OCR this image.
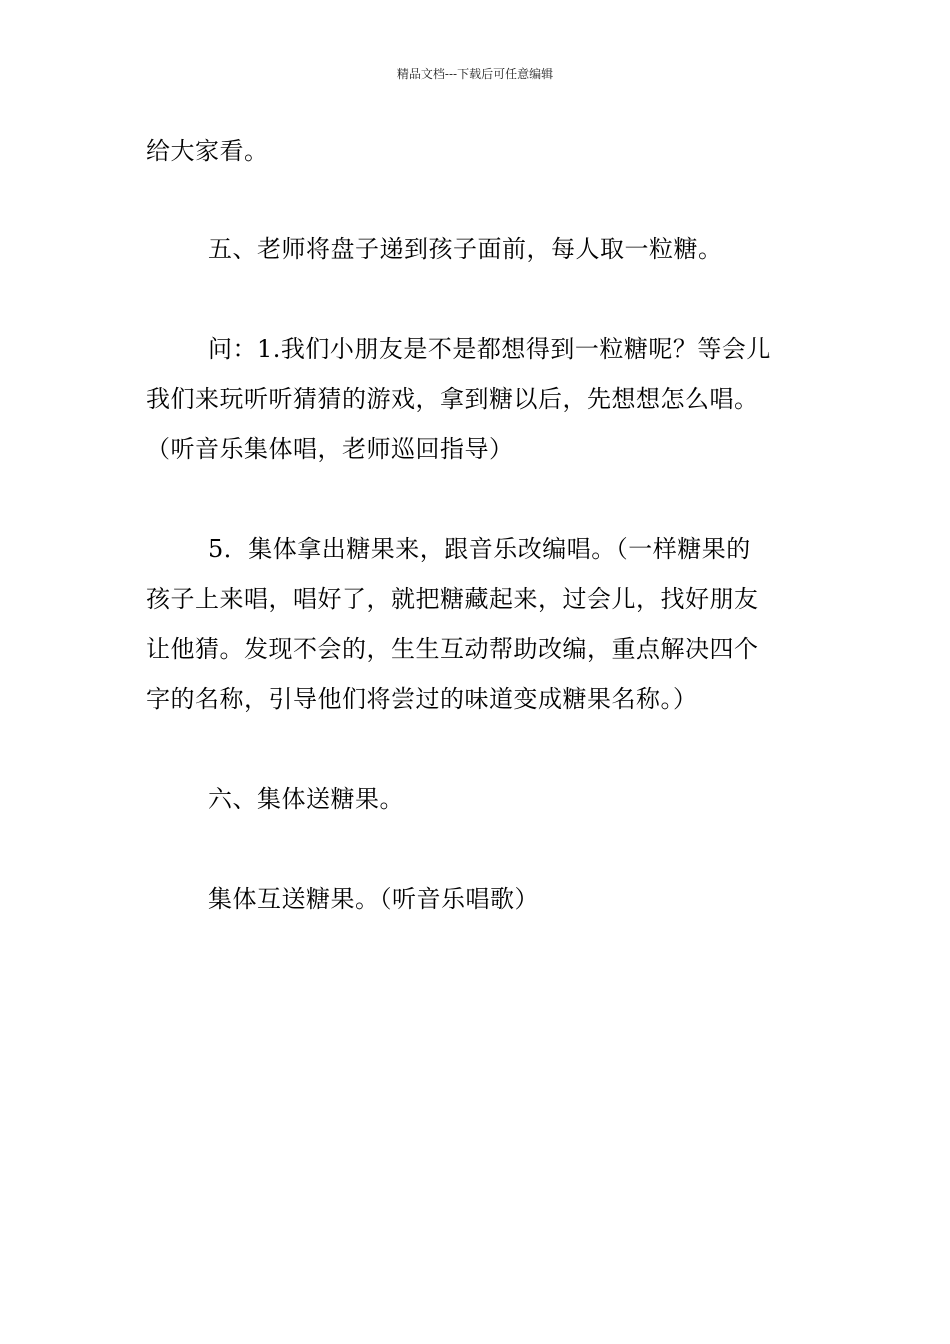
精品文档---下载后可任意编辑
给大家看。
五、老师将盘子递到孩子面前，每人取一粒糖。
问：1.我们小朋友是不是都想得到一粒糖呢？等会儿
我们来玩听听猜猜的游戏，拿到糖以后，先想想怎么唱。
（听音乐集体唱，老师巡回指导）
5．集体拿出糖果来，跟音乐改编唱。（一样糖果的
孩子上来唱，唱好了，就把糖藏起来，过会儿，找好朋友
让他猜。发现不会的，生生互动帮助改编，重点解决四个
字的名称，引导他们将尝过的味道变成糖果名称。）
六、集体送糖果。
集体互送糖果。（听音乐唱歌）
